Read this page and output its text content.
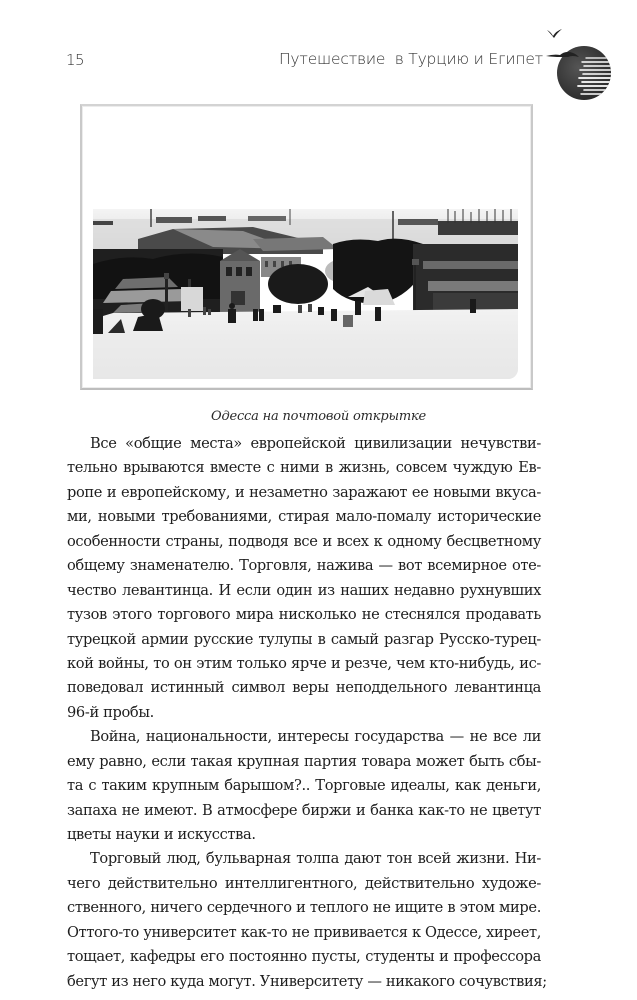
15	Путешествие  в Турцию и Египет
Одесса на почтовой открытке
Все «общие места» европейской цивилизации нечувстви-
тельно врываются вместе с ними в жизнь, совсем чуждую Ев-
ропе и европейскому, и незаметно заражают ее новыми вкуса-
ми, новыми требованиями, стирая мало-помалу исторические
особенности страны, подводя все и всех к одному бесцветному
общему знаменателю. Торговля, нажива — вот всемирное оте-
чество левантинца. И если один из наших недавно рухнувших
тузов этого торгового мира нисколько не стеснялся продавать
турецкой армии русские тулупы в самый разгар Русско-турец-
кой войны, то он этим только ярче и резче, чем кто-нибудь, ис-
поведовал истинный символ веры неподдельного левантинца
96-й пробы.
Война, национальности, интересы государства — не все ли
ему равно, если такая крупная партия товара может быть сбы-
та с таким крупным барышом?.. Торговые идеалы, как деньги,
запаха не имеют. В атмосфере биржи и банка как-то не цветут
цветы науки и искусства.
Торговый люд, бульварная толпа дают тон всей жизни. Ни-
чего действительно интеллигентного, действительно художе-
ственного, ничего сердечного и теплого не ищите в этом мире.
Оттого-то университет как-то не прививается к Одессе, хиреет,
тощает, кафедры его постоянно пусты, студенты и профессора
бегут из него куда могут. Университету — никакого сочувствия;
